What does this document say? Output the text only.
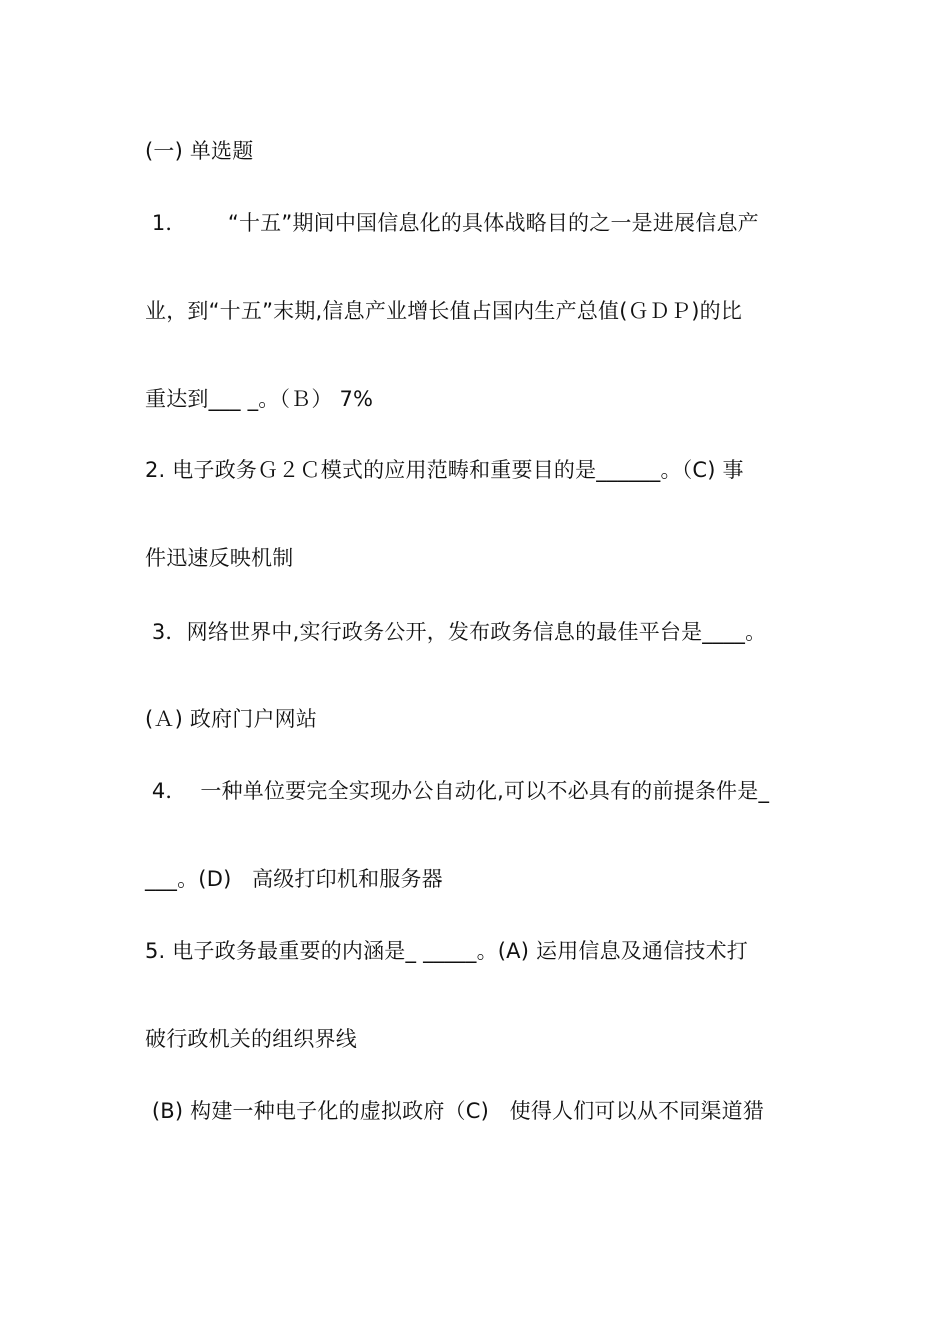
(一) 单选题
1．      “十五”期间中国信息化的具体战略目的之一是进展信息产
业，到“十五”末期,信息产业增长值占国内生产总值(ＧＤＰ)的比
重达到___ _。（Ｂ） 7%
2. 电子政务Ｇ２Ｃ模式的应用范畴和重要目的是______。（C) 事
件迅速反映机制
3．网络世界中,实行政务公开，发布政务信息的最佳平台是____。
(Ａ) 政府门户网站
4．  一种单位要完全实现办公自动化,可以不必具有的前提条件是_
___。(D)   高级打印机和服务器
5. 电子政务最重要的内涵是_ _____。(A) 运用信息及通信技术打
破行政机关的组织界线
(B) 构建一种电子化的虚拟政府（C)   使得人们可以从不同渠道猎
